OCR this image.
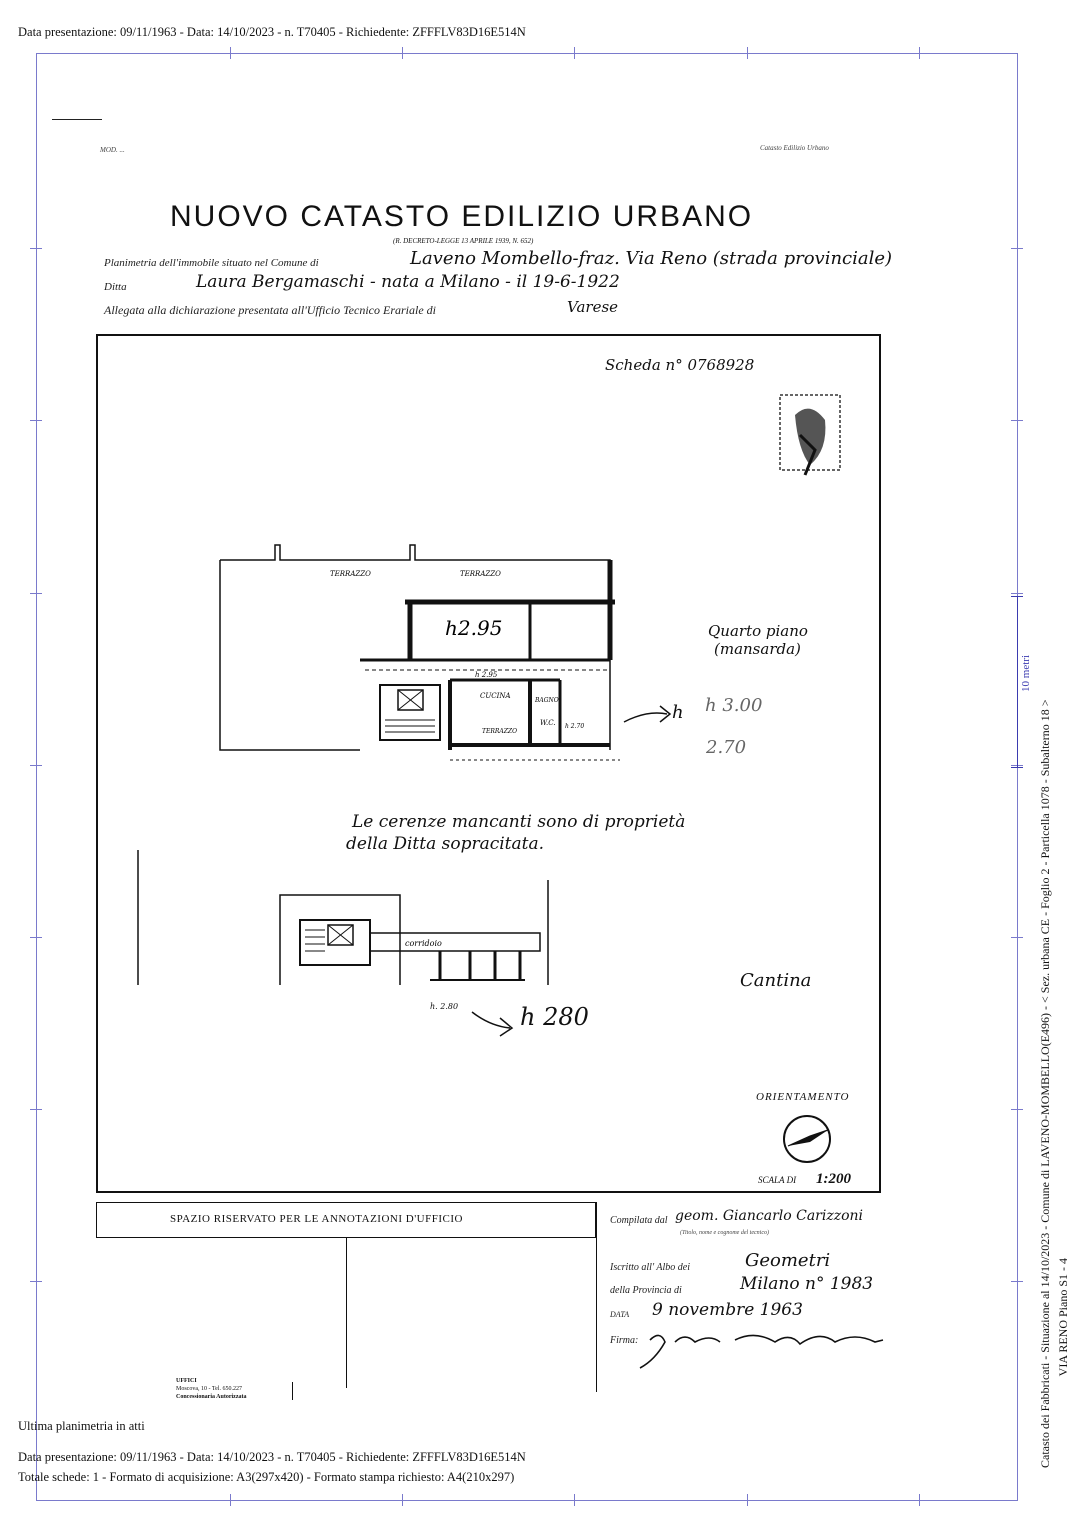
Data presentazione: 09/11/1963 - Data: 14/10/2023 - n. T70405 - Richiedente: ZFFFLV83D16E514N
10 metri
Catasto dei Fabbricati - Situazione al 14/10/2023 - Comune di LAVENO-MOMBELLO(E496) - < Sez. urbana CE - Foglio 2 - Particella 1078 - Subalterno 18 > VIA RENO Piano S1 - 4
MOD. ...	Catasto Edilizio Urbano
NUOVO CATASTO EDILIZIO URBANO
(R. DECRETO-LEGGE 13 APRILE 1939, N. 652)
Planimetria dell'immobile situato nel Comune di	Laveno Mombello-fraz. Via Reno (strada provinciale)
Ditta	Laura Bergamaschi - nata a Milano - il 19-6-1922
Allegata alla dichiarazione presentata all'Ufficio Tecnico Erariale di	Varese
Scheda n° 0768928
TERRAZZO	TERRAZZO
h2.95
CUCINA
BAGNO
W.C.
TERRAZZO
h 2.95
h 2.70
Quarto piano
(mansarda)
h h 3.00
2.70
Le cerenze mancanti sono di proprietà
della Ditta sopracitata.
corridoio
h. 2.80	h 280
Cantina
ORIENTAMENTO
SCALA DI 1:200
SPAZIO RISERVATO PER LE ANNOTAZIONI D'UFFICIO	Compilata dal geom. Giancarlo Carizzoni
(Titolo, nome e cognome del tecnico)
Iscritto all' Albo dei	Geometri
della Provincia di	Milano n° 1983
DATA 9 novembre 1963
Firma:
UFFICI
Moscova, 10 - Tel. 650.227
Concessionaria Autorizzata
Ultima planimetria in atti
Data presentazione: 09/11/1963 - Data: 14/10/2023 - n. T70405 - Richiedente: ZFFFLV83D16E514N
Totale schede: 1 - Formato di acquisizione: A3(297x420) - Formato stampa richiesto: A4(210x297)
